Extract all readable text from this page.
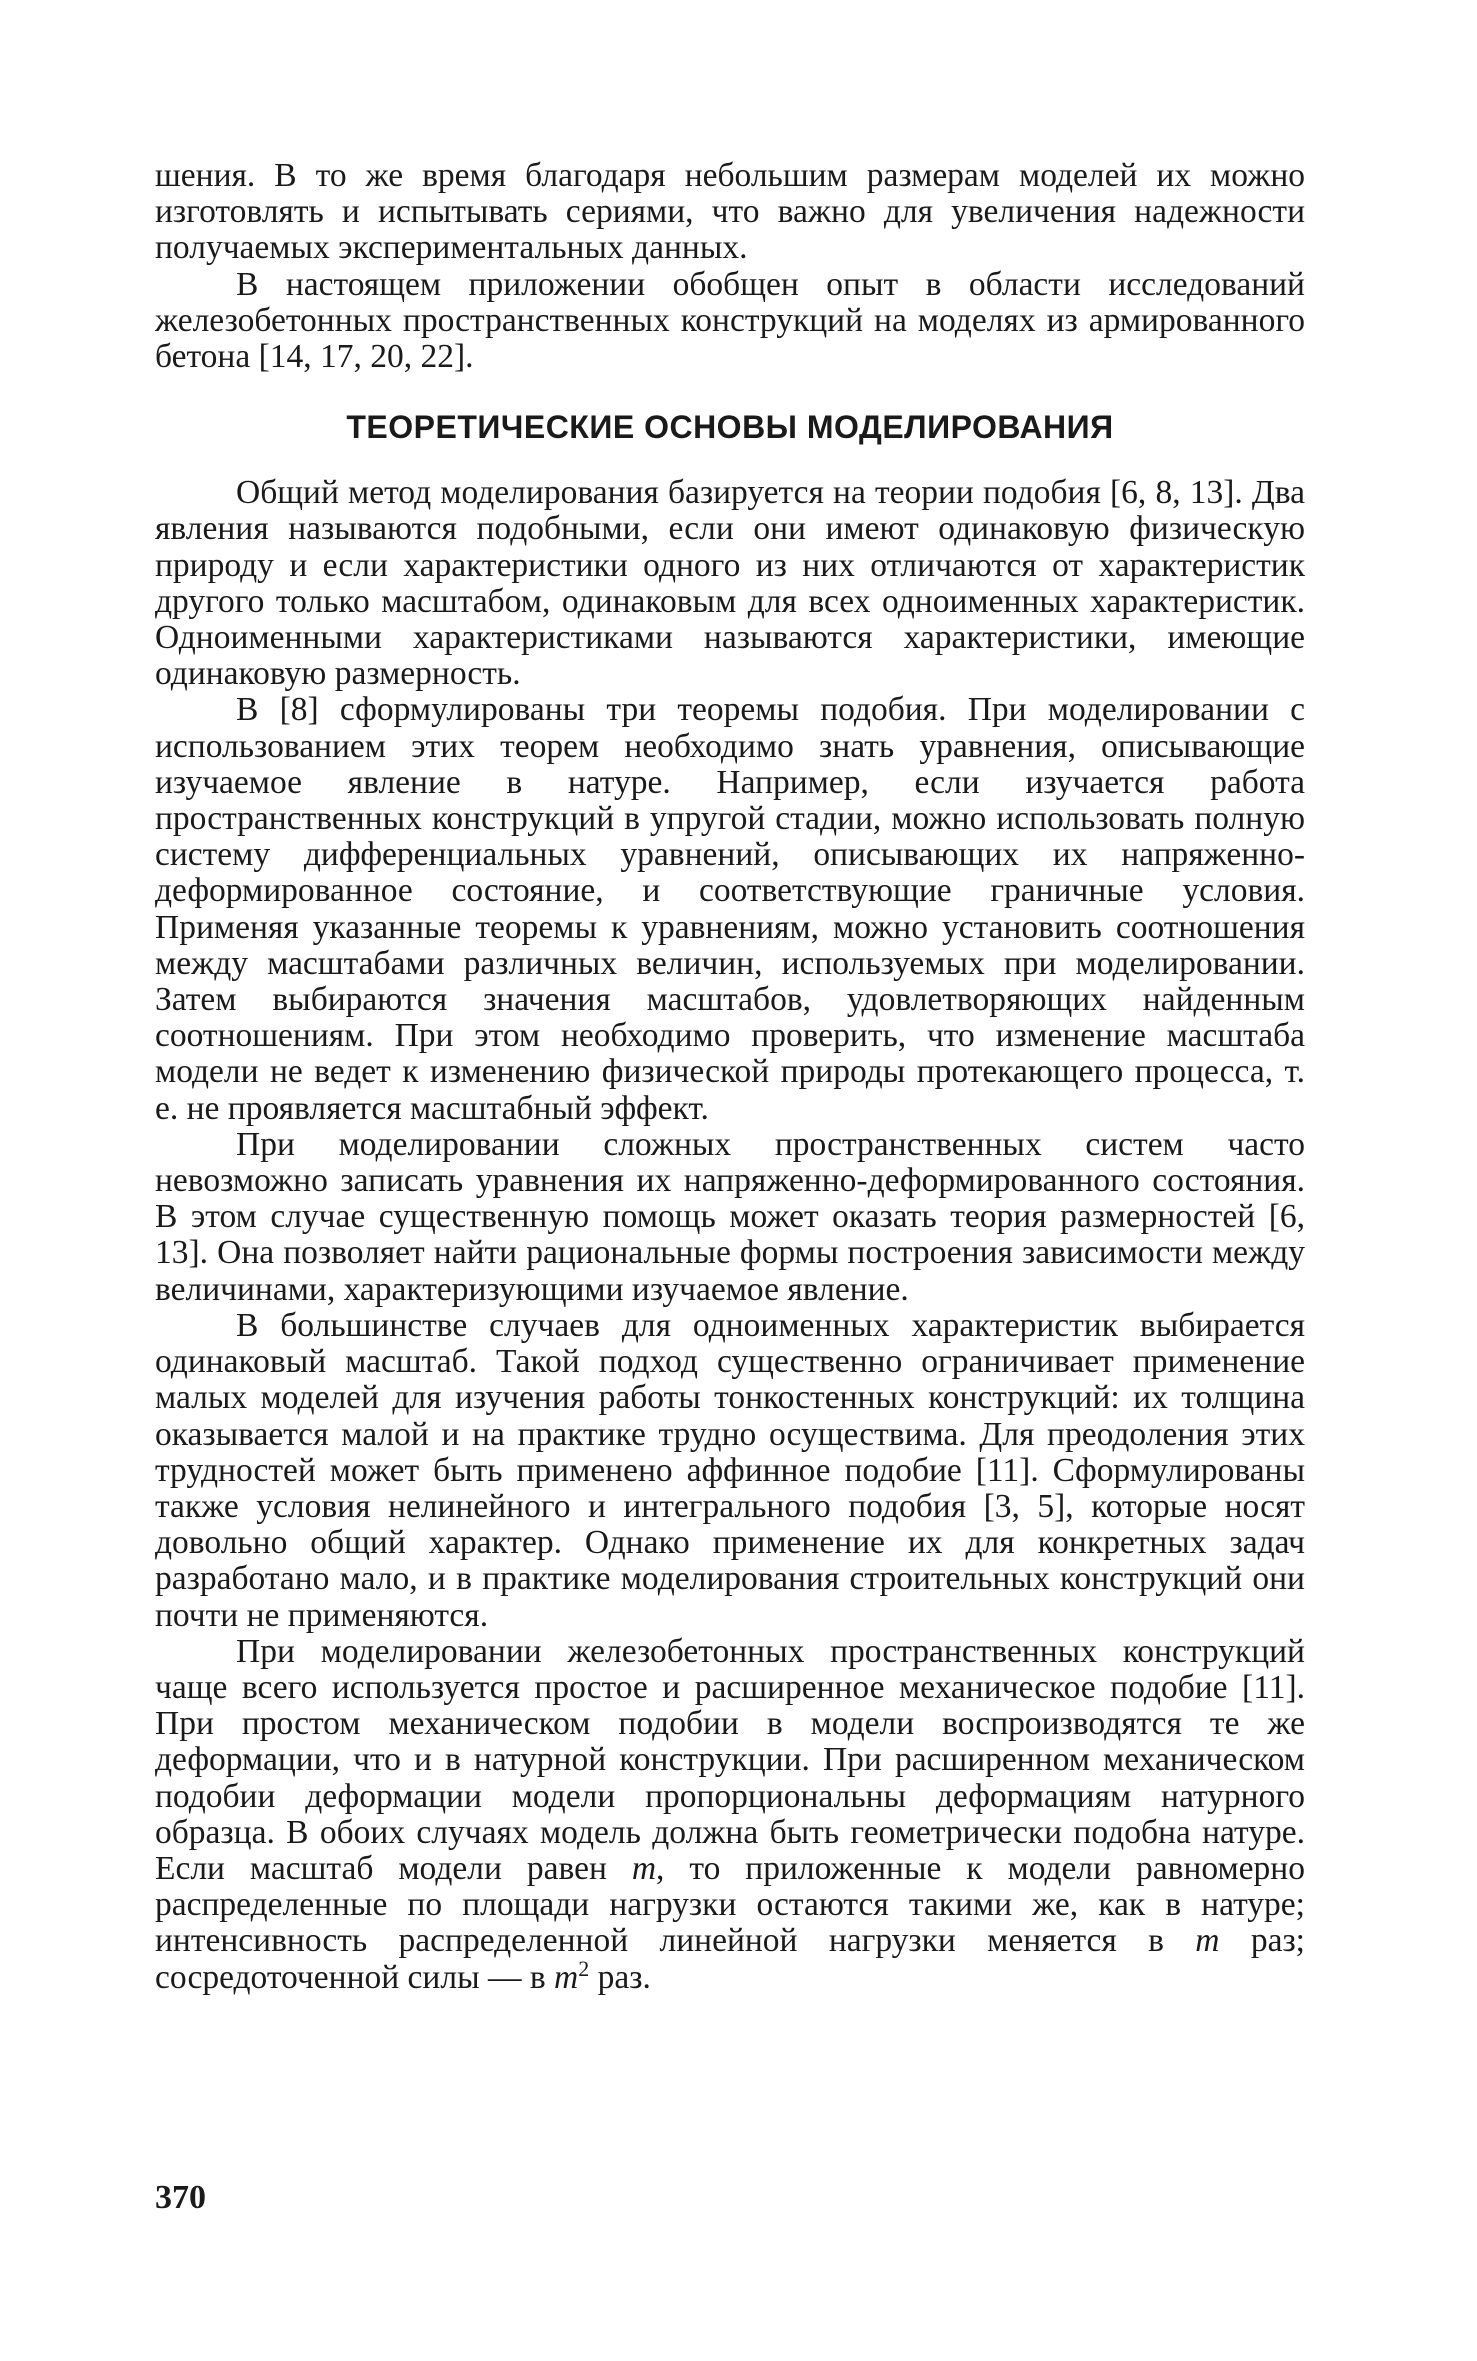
шения. В то же время благодаря небольшим размерам моделей их можно изготовлять и испытывать сериями, что важно для увеличения надежности получаемых экспериментальных данных.

В настоящем приложении обобщен опыт в области исследований железобетонных пространственных конструкций на моделях из армированного бетона [14, 17, 20, 22].

ТЕОРЕТИЧЕСКИЕ ОСНОВЫ МОДЕЛИРОВАНИЯ

Общий метод моделирования базируется на теории подобия [6, 8, 13]. Два явления называются подобными, если они имеют одинаковую физическую природу и если характеристики одного из них отличаются от характеристик другого только масштабом, одинаковым для всех одноименных характеристик. Одноименными характеристиками называются характеристики, имеющие одинаковую размерность.

В [8] сформулированы три теоремы подобия. При моделировании с использованием этих теорем необходимо знать уравнения, описывающие изучаемое явление в натуре. Например, если изучается работа пространственных конструкций в упругой стадии, можно использовать полную систему дифференциальных уравнений, описывающих их напряженно-деформированное состояние, и соответствующие граничные условия. Применяя указанные теоремы к уравнениям, можно установить соотношения между масштабами различных величин, используемых при моделировании. Затем выбираются значения масштабов, удовлетворяющих найденным соотношениям. При этом необходимо проверить, что изменение масштаба модели не ведет к изменению физической природы протекающего процесса, т. е. не проявляется масштабный эффект.

При моделировании сложных пространственных систем часто невозможно записать уравнения их напряженно-деформированного состояния. В этом случае существенную помощь может оказать теория размерностей [6, 13]. Она позволяет найти рациональные формы построения зависимости между величинами, характеризующими изучаемое явление.

В большинстве случаев для одноименных характеристик выбирается одинаковый масштаб. Такой подход существенно ограничивает применение малых моделей для изучения работы тонкостенных конструкций: их толщина оказывается малой и на практике трудно осуществима. Для преодоления этих трудностей может быть применено аффинное подобие [11]. Сформулированы также условия нелинейного и интегрального подобия [3, 5], которые носят довольно общий характер. Однако применение их для конкретных задач разработано мало, и в практике моделирования строительных конструкций они почти не применяются.

При моделировании железобетонных пространственных конструкций чаще всего используется простое и расширенное механическое подобие [11]. При простом механическом подобии в модели воспроизводятся те же деформации, что и в натурной конструкции. При расширенном механическом подобии деформации модели пропорциональны деформациям натурного образца. В обоих случаях модель должна быть геометрически подобна натуре. Если масштаб модели равен m, то приложенные к модели равномерно распределенные по площади нагрузки остаются такими же, как в натуре; интенсивность распределенной линейной нагрузки меняется в m раз; сосредоточенной силы — в $m^2$ раз.

370
